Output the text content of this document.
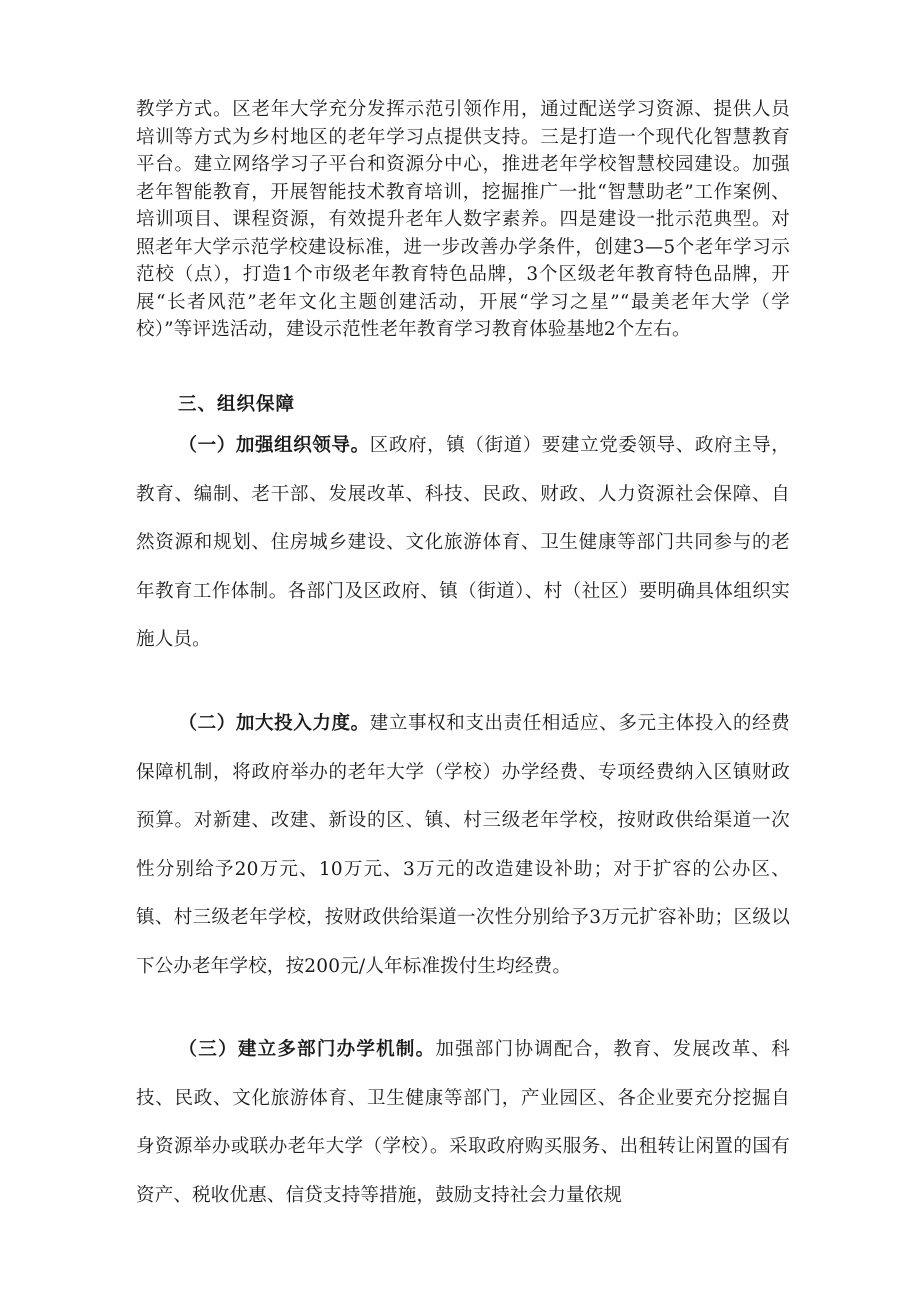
教学方式。区老年大学充分发挥示范引领作用，通过配送学习资源、提供人员培训等方式为乡村地区的老年学习点提供支持。三是打造一个现代化智慧教育平台。建立网络学习子平台和资源分中心，推进老年学校智慧校园建设。加强老年智能教育，开展智能技术教育培训，挖掘推广一批“智慧助老”工作案例、培训项目、课程资源，有效提升老年人数字素养。四是建设一批示范典型。对照老年大学示范学校建设标准，进一步改善办学条件，创建3—5个老年学习示范校（点），打造1个市级老年教育特色品牌，3个区级老年教育特色品牌，开展“长者风范”老年文化主题创建活动，开展“学习之星”“最美老年大学（学校）”等评选活动，建设示范性老年教育学习教育体验基地2个左右。

三、组织保障

（一）加强组织领导。区政府，镇（街道）要建立党委领导、政府主导，教育、编制、老干部、发展改革、科技、民政、财政、人力资源社会保障、自然资源和规划、住房城乡建设、文化旅游体育、卫生健康等部门共同参与的老年教育工作体制。各部门及区政府、镇（街道）、村（社区）要明确具体组织实施人员。

（二）加大投入力度。建立事权和支出责任相适应、多元主体投入的经费保障机制，将政府举办的老年大学（学校）办学经费、专项经费纳入区镇财政预算。对新建、改建、新设的区、镇、村三级老年学校，按财政供给渠道一次性分别给予20万元、10万元、3万元的改造建设补助；对于扩容的公办区、镇、村三级老年学校，按财政供给渠道一次性分别给予3万元扩容补助；区级以下公办老年学校，按200元/人年标准拨付生均经费。

（三）建立多部门办学机制。加强部门协调配合，教育、发展改革、科技、民政、文化旅游体育、卫生健康等部门，产业园区、各企业要充分挖掘自身资源举办或联办老年大学（学校）。采取政府购买服务、出租转让闲置的国有资产、税收优惠、信贷支持等措施，鼓励支持社会力量依规
